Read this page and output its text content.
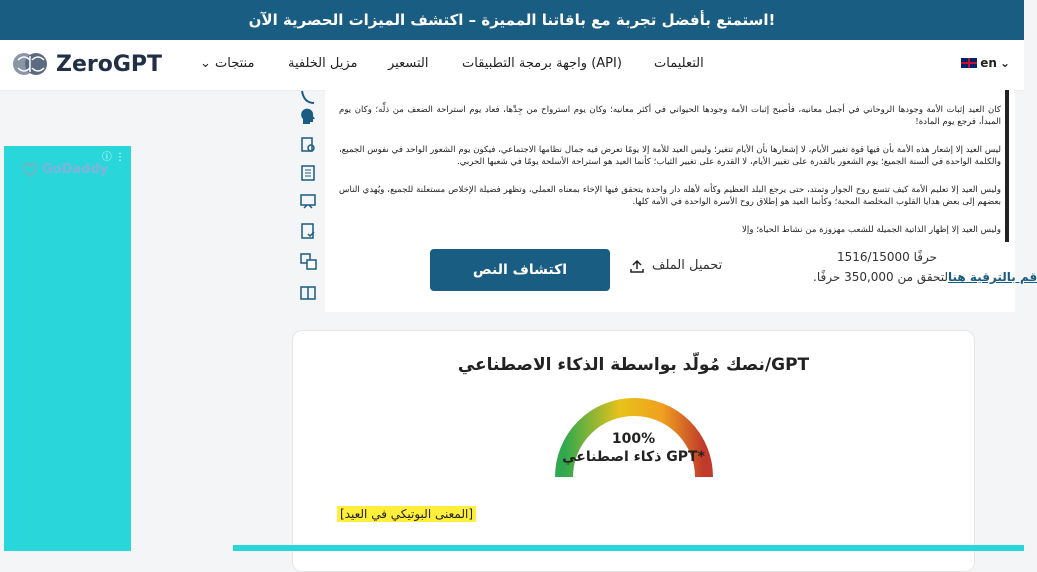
استمتع بأفضل تجربة مع باقاتنا المميزة – اكتشف الميزات الحصرية الآن!
ZeroGPT	⌄ منتجات	مزيل الخلفية التسعير	واجهة برمجة التطبيقات (API) التعليمات	en ⌄
ⓘ ⋮
GoDaddy

كان العيد إثبات الأمة وجودها الروحاني في أجمل معانيه، فأصبح إثبات الأمة وجودها الحيواني في أكثر معانيه؛ وكان يوم استرواح من جِدِّها، فعاد يوم استراحة الضعف من ذلِّه؛ وكان يوم المبدأ، فرجع يوم المادة!

ليس العيد إلا إشعار هذه الأمة بأن فيها قوة تغيير الأيام، لا إشعارها بأن الأيام تتغير؛ وليس العيد للأمة إلا يومًا تعرض فيه جمال نظامها الاجتماعي، فيكون يوم الشعور الواحد في نفوس الجميع، والكلمة الواحدة في ألسنة الجميع؛ يوم الشعور بالقدرة على تغيير الأيام، لا القدرة على تغيير الثياب؛ كأنما العيد هو استراحة الأسلحة يومًا في شعبها الحربي.

وليس العيد إلا تعليم الأمة كيف تتسع روح الجوار وتمتد، حتى يرجع البلد العظيم وكأنه لأهله دار واحدة يتحقق فيها الإخاء بمعناه العملي، وتظهر فضيلة الإخلاص مستعلنة للجميع، ويُهدي الناس بعضهم إلى بعض هدايا القلوب المخلصة المحبة؛ وكأنما العيد هو إطلاق روح الأسرة الواحدة في الأمة كلها.

وليس العيد إلا إظهار الذاتية الجميلة للشعب مهزوزة من نشاط الحياة؛ وإلا

1516/15000 حرفًا
قم بالترقية هنالتحقق من 350,000 حرفًا.
تحميل الملف
اكتشاف النص
نصك مُولّد بواسطة الذكاء الاصطناعي/GPT
100%
ذكاء اصطناعي GPT*
[المعنى البوتيكي في العيد]
